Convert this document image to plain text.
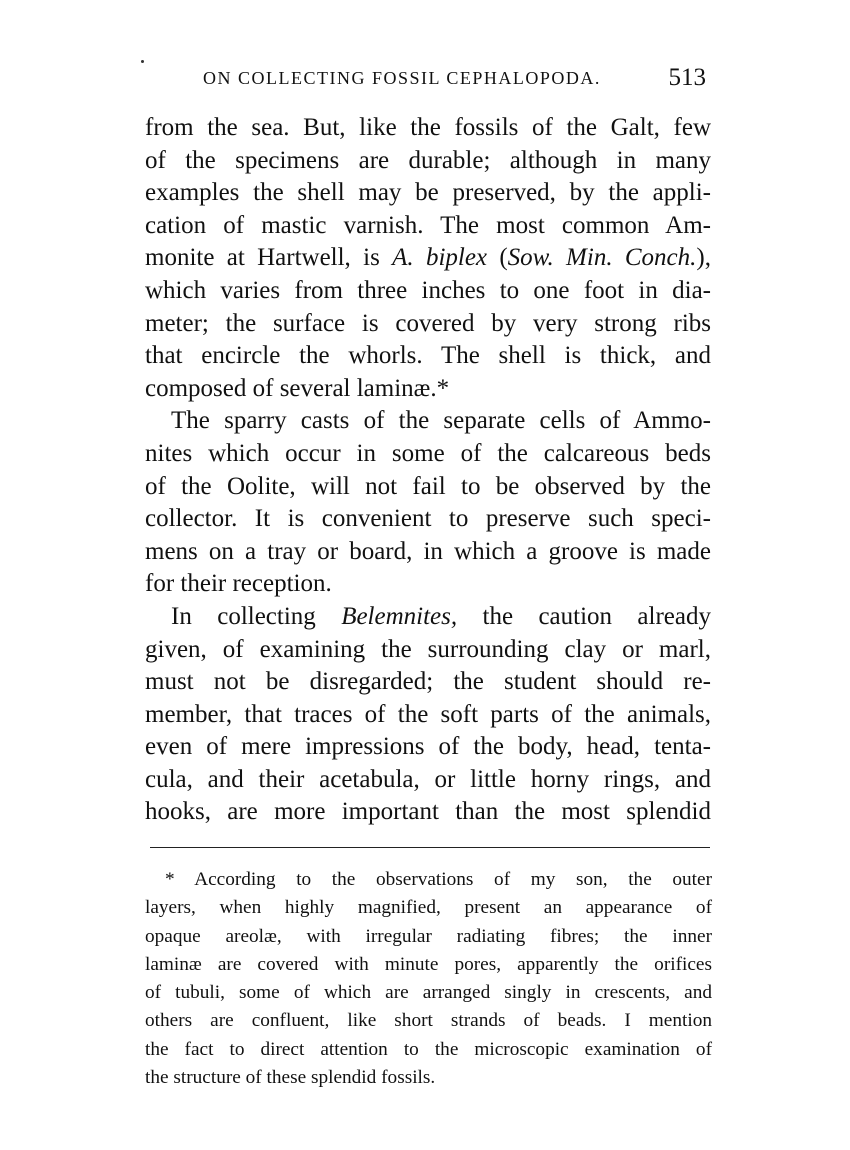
ON COLLECTING FOSSIL CEPHALOPODA.	513
from the sea. But, like the fossils of the Galt, few
of the specimens are durable; although in many
examples the shell may be preserved, by the appli-
cation of mastic varnish. The most common Am-
monite at Hartwell, is A. biplex (Sow. Min. Conch.),
which varies from three inches to one foot in dia-
meter; the surface is covered by very strong ribs
that encircle the whorls. The shell is thick, and
composed of several laminæ.*
The sparry casts of the separate cells of Ammo-
nites which occur in some of the calcareous beds
of the Oolite, will not fail to be observed by the
collector. It is convenient to preserve such speci-
mens on a tray or board, in which a groove is made
for their reception.
In collecting Belemnites, the caution already
given, of examining the surrounding clay or marl,
must not be disregarded; the student should re-
member, that traces of the soft parts of the animals,
even of mere impressions of the body, head, tenta-
cula, and their acetabula, or little horny rings, and
hooks, are more important than the most splendid
* According to the observations of my son, the outer
layers, when highly magnified, present an appearance of
opaque areolæ, with irregular radiating fibres; the inner
laminæ are covered with minute pores, apparently the orifices
of tubuli, some of which are arranged singly in crescents, and
others are confluent, like short strands of beads. I mention
the fact to direct attention to the microscopic examination of
the structure of these splendid fossils.
